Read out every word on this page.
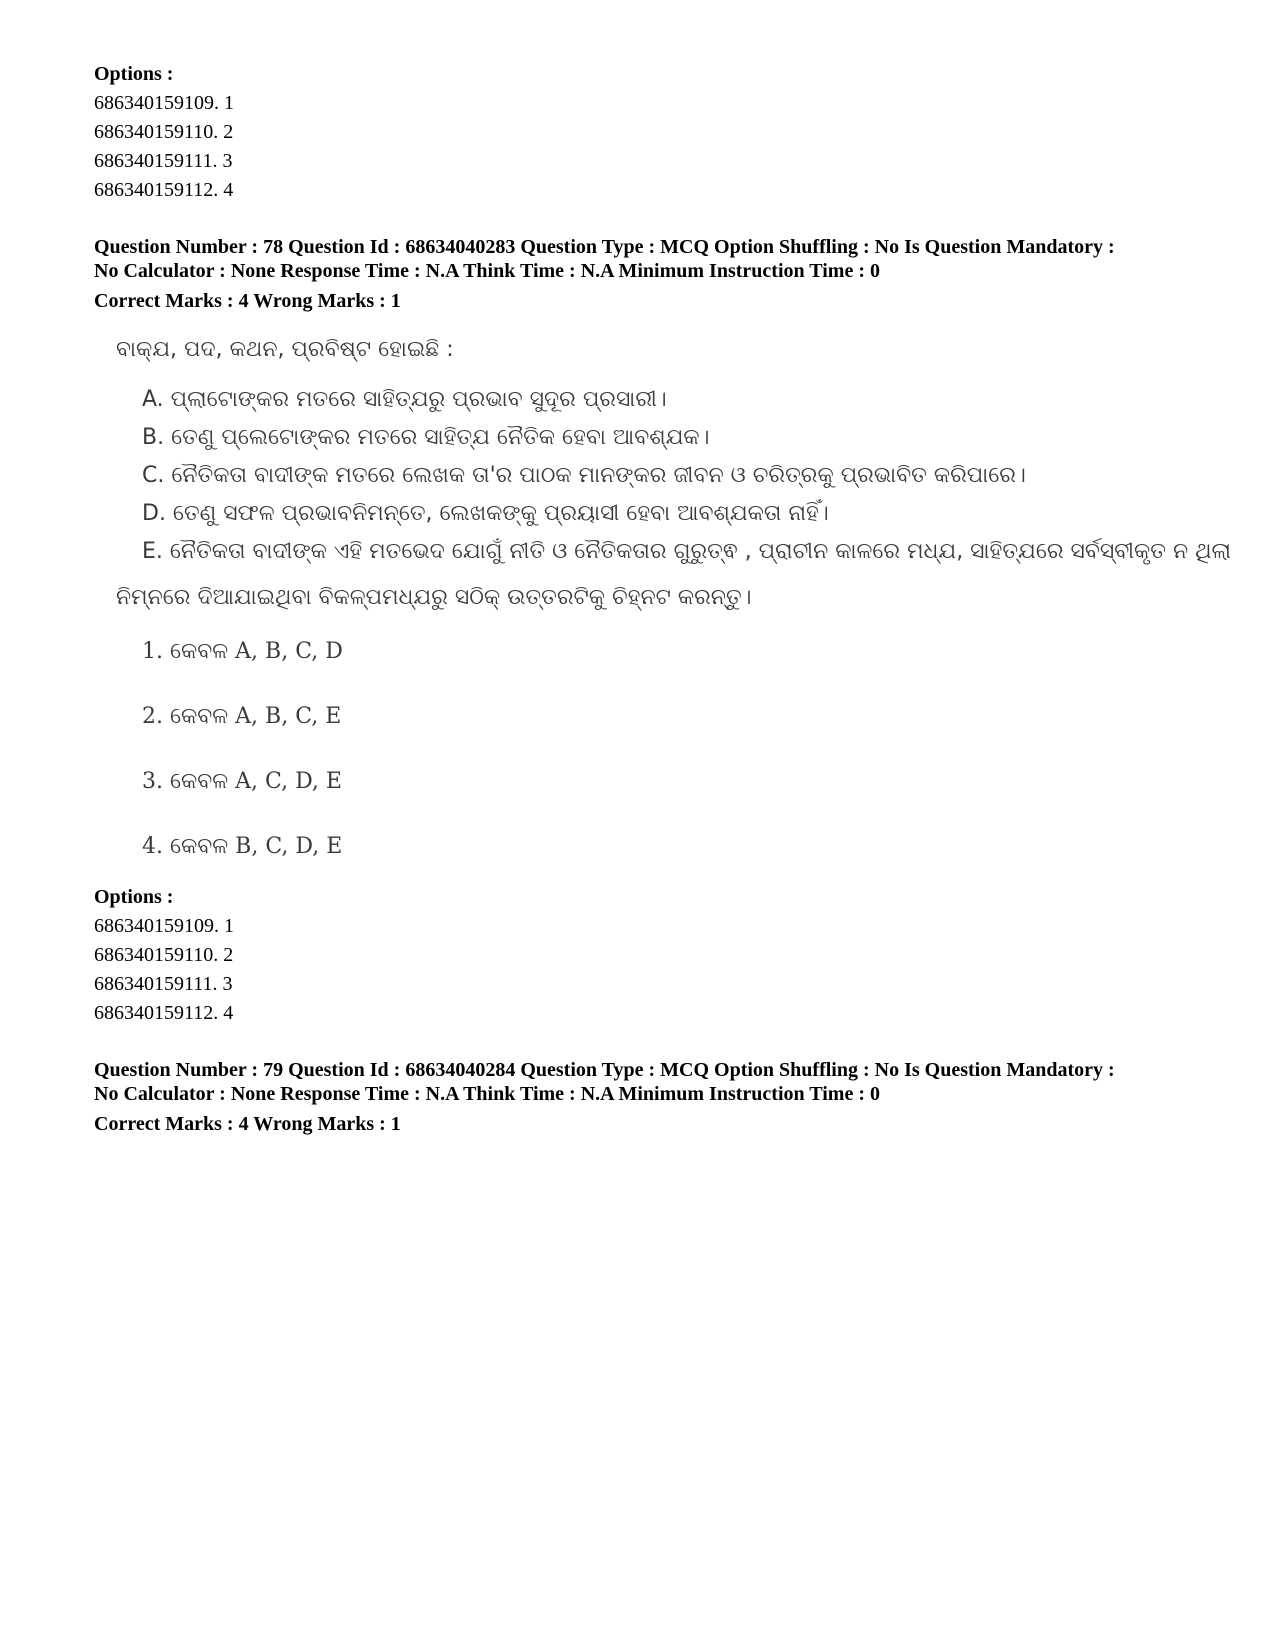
Options :
686340159109. 1
686340159110. 2
686340159111. 3
686340159112. 4
Question Number : 78 Question Id : 68634040283 Question Type : MCQ Option Shuffling : No Is Question Mandatory :
No Calculator : None Response Time : N.A Think Time : N.A Minimum Instruction Time : 0
Correct Marks : 4 Wrong Marks : 1
ବାକ୍ଯ, ପଦ, କଥନ, ପ୍ରବିଷ୍ଟ ହୋଇଛି :
A. ପ୍ଲାଟୋଙ୍କର ମତରେ ସାହିତ୍ଯରୁ ପ୍ରଭାବ ସୁଦୂର ପ୍ରସାରୀ।
B. ତେଣୁ ପ୍ଲେଟୋଙ୍କର ମତରେ ସାହିତ୍ଯ ନୈତିକ ହେବା ଆବଶ୍ଯକ।
C. ନୈତିକତା ବାଦୀଙ୍କ ମତରେ ଲେଖକ ତା'ର ପାଠକ ମାନଙ୍କର ଜୀବନ ଓ ଚରିତ୍ରକୁ ପ୍ରଭାବିତ କରିପାରେ।
D. ତେଣୁ ସଫଳ ପ୍ରଭାବନିମନ୍ତେ, ଲେଖକଙ୍କୁ ପ୍ରୟାସୀ ହେବା ଆବଶ୍ଯକତା ନାହିଁ।
E. ନୈତିକତା ବାଦୀଙ୍କ ଏହି ମତଭେଦ ଯୋଗୁଁ ନୀତି ଓ ନୈତିକତାର ଗୁରୁତ୍ଵ , ପ୍ରାଚୀନ କାଳରେ ମଧ୍ଯ, ସାହିତ୍ଯରେ ସର୍ବସ୍ବୀକୃତ ନ ଥିଲା
ନିମ୍ନରେ ଦିଆଯାଇଥିବା ବିକଳ୍ପମଧ୍ଯରୁ ସଠିକ୍ ଉତ୍ତରଟିକୁ ଚିହ୍ନଟ କରନ୍ତୁ।
1. କେବଳ A, B, C, D
2. କେବଳ A, B, C, E
3. କେବଳ A, C, D, E
4. କେବଳ B, C, D, E
Options :
686340159109. 1
686340159110. 2
686340159111. 3
686340159112. 4
Question Number : 79 Question Id : 68634040284 Question Type : MCQ Option Shuffling : No Is Question Mandatory :
No Calculator : None Response Time : N.A Think Time : N.A Minimum Instruction Time : 0
Correct Marks : 4 Wrong Marks : 1
